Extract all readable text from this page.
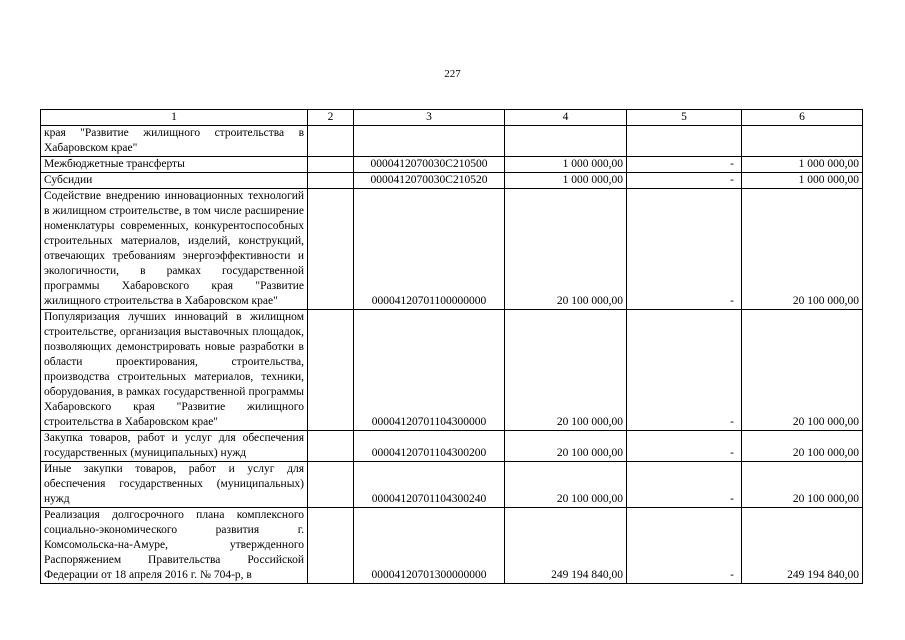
227
1	2	3	4	5	6
края "Развитие жилищного строительства в Хабаровском крае"					
Межбюджетные трансферты		0000412070030C210500	1 000 000,00	-	1 000 000,00
Субсидии		0000412070030C210520	1 000 000,00	-	1 000 000,00
Содействие внедрению инновационных технологий в жилищном строительстве, в том числе расширение номенклатуры современных, конкурентоспособных строительных материалов, изделий, конструкций, отвечающих требованиям энергоэффективности и экологичности, в рамках государственной программы Хабаровского края "Развитие жилищного строительства в Хабаровском крае"		00004120701100000000	20 100 000,00	-	20 100 000,00
Популяризация лучших инноваций в жилищном строительстве, организация выставочных площадок, позволяющих демонстрировать новые разработки в области проектирования, строительства, производства строительных материалов, техники, оборудования, в рамках государственной программы Хабаровского края "Развитие жилищного строительства в Хабаровском крае"		00004120701104300000	20 100 000,00	-	20 100 000,00
Закупка товаров, работ и услуг для обеспечения государственных (муниципальных) нужд		00004120701104300200	20 100 000,00	-	20 100 000,00
Иные закупки товаров, работ и услуг для обеспечения государственных (муниципальных) нужд		00004120701104300240	20 100 000,00	-	20 100 000,00
Реализация долгосрочного плана комплексного социально-экономического развития г. Комсомольска-на-Амуре, утвержденного Распоряжением Правительства Российской Федерации от 18 апреля 2016 г. № 704-р, в		00004120701300000000	249 194 840,00	-	249 194 840,00
